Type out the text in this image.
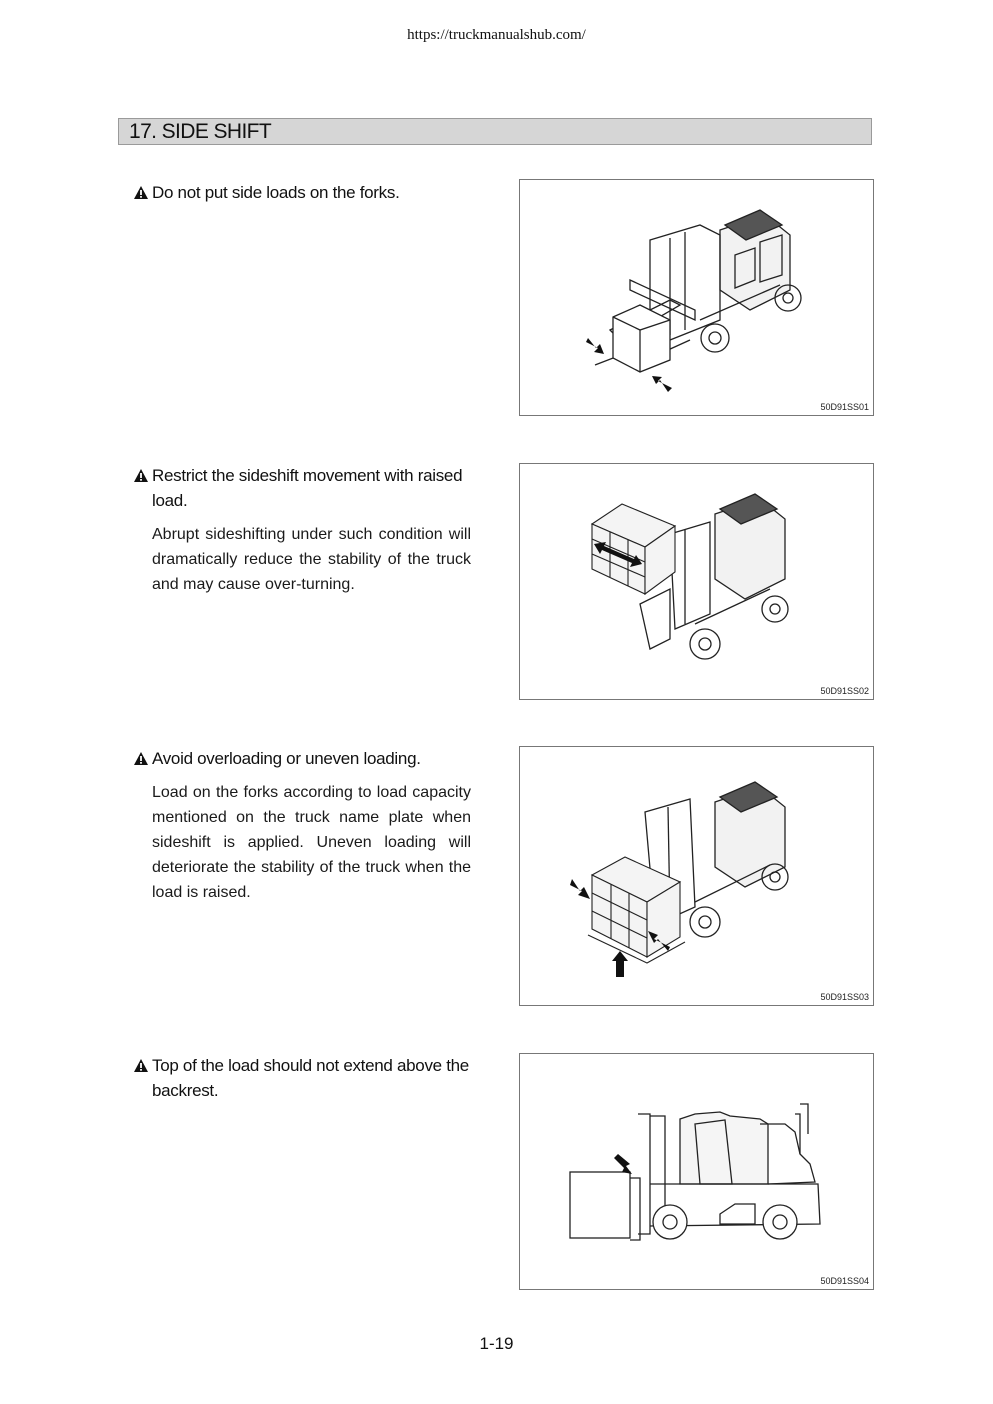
https://truckmanualshub.com/
17. SIDE SHIFT
Do not put side loads on the forks.
50D91SS01
Restrict the sideshift movement with raised load.
Abrupt sideshifting under such condition will dramatically reduce the stability of the truck and may cause over-turning.
50D91SS02
Avoid overloading or uneven loading.
Load on the forks according to load capacity mentioned on the truck name plate when sideshift is applied. Uneven loading will deteriorate the stability of the truck when the load is raised.
50D91SS03
Top of the load should not extend above the backrest.
50D91SS04
1-19
